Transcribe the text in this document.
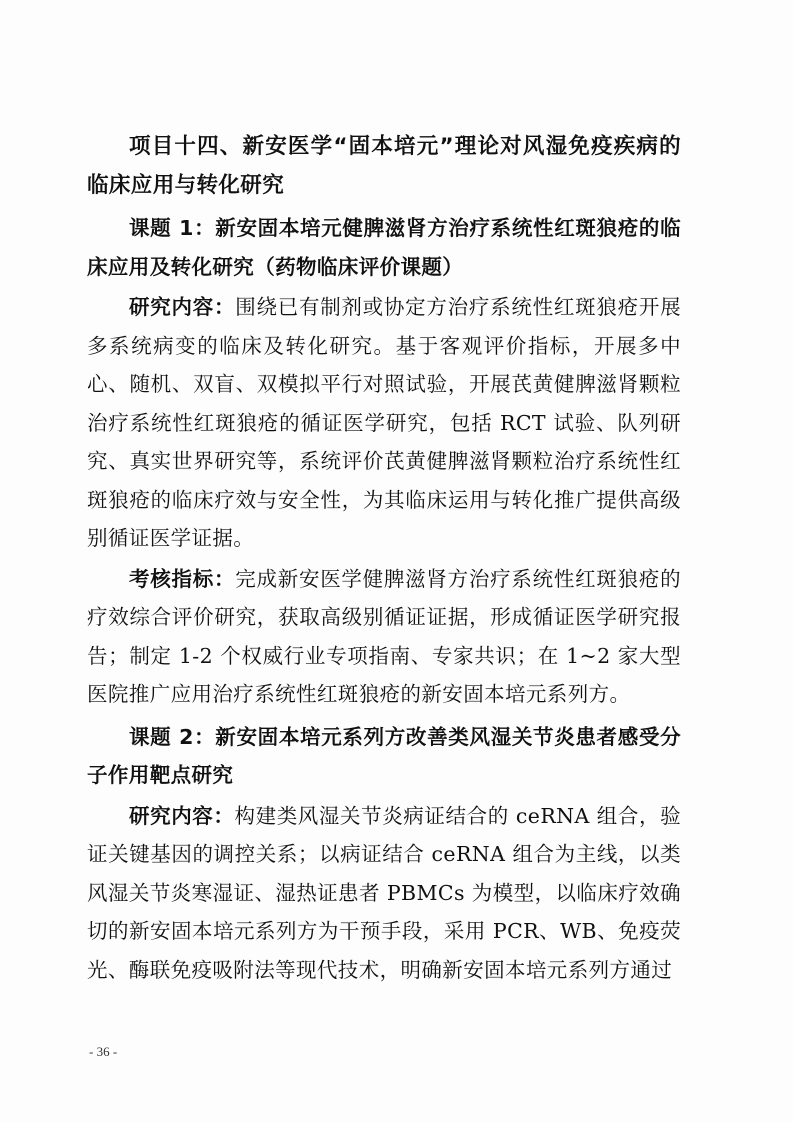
项目十四、新安医学“固本培元”理论对风湿免疫疾病的临床应用与转化研究

课题 1：新安固本培元健脾滋肾方治疗系统性红斑狼疮的临床应用及转化研究（药物临床评价课题）

研究内容：围绕已有制剂或协定方治疗系统性红斑狼疮开展多系统病变的临床及转化研究。基于客观评价指标，开展多中心、随机、双盲、双模拟平行对照试验，开展芪黄健脾滋肾颗粒治疗系统性红斑狼疮的循证医学研究，包括 RCT 试验、队列研究、真实世界研究等，系统评价芪黄健脾滋肾颗粒治疗系统性红斑狼疮的临床疗效与安全性，为其临床运用与转化推广提供高级别循证医学证据。

考核指标：完成新安医学健脾滋肾方治疗系统性红斑狼疮的疗效综合评价研究，获取高级别循证证据，形成循证医学研究报告；制定 1-2 个权威行业专项指南、专家共识；在 1~2 家大型医院推广应用治疗系统性红斑狼疮的新安固本培元系列方。

课题 2：新安固本培元系列方改善类风湿关节炎患者感受分子作用靶点研究

研究内容：构建类风湿关节炎病证结合的 ceRNA 组合，验证关键基因的调控关系；以病证结合 ceRNA 组合为主线，以类风湿关节炎寒湿证、湿热证患者 PBMCs 为模型，以临床疗效确切的新安固本培元系列方为干预手段，采用 PCR、WB、免疫荧光、酶联免疫吸附法等现代技术，明确新安固本培元系列方通过

- 36 -
